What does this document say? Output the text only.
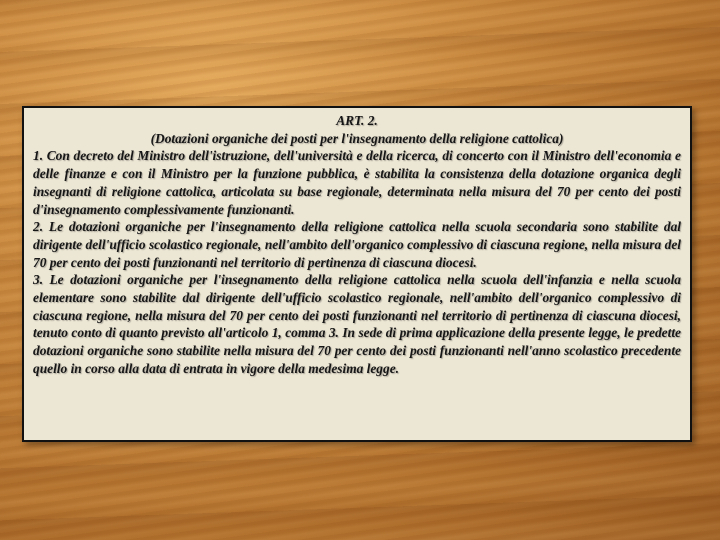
ART. 2.

(Dotazioni organiche dei posti per l'insegnamento della religione cattolica)

1. Con decreto del Ministro dell'istruzione, dell'università e della ricerca, di concerto con il Ministro dell'economia e delle finanze e con il Ministro per la funzione pubblica, è stabilita la consistenza della dotazione organica degli insegnanti di religione cattolica, articolata su base regionale, determinata nella misura del 70 per cento dei posti d'insegnamento complessivamente funzionanti.

2. Le dotazioni organiche per l'insegnamento della religione cattolica nella scuola secondaria sono stabilite dal dirigente dell'ufficio scolastico regionale, nell'ambito dell'organico complessivo di ciascuna regione, nella misura del 70 per cento dei posti funzionanti nel territorio di pertinenza di ciascuna diocesi.

3. Le dotazioni organiche per l'insegnamento della religione cattolica nella scuola dell'infanzia e nella scuola elementare sono stabilite dal dirigente dell'ufficio scolastico regionale, nell'ambito dell'organico complessivo di ciascuna regione, nella misura del 70 per cento dei posti funzionanti nel territorio di pertinenza di ciascuna diocesi, tenuto conto di quanto previsto all'articolo 1, comma 3. In sede di prima applicazione della presente legge, le predette dotazioni organiche sono stabilite nella misura del 70 per cento dei posti funzionanti nell'anno scolastico precedente quello in corso alla data di entrata in vigore della medesima legge.
